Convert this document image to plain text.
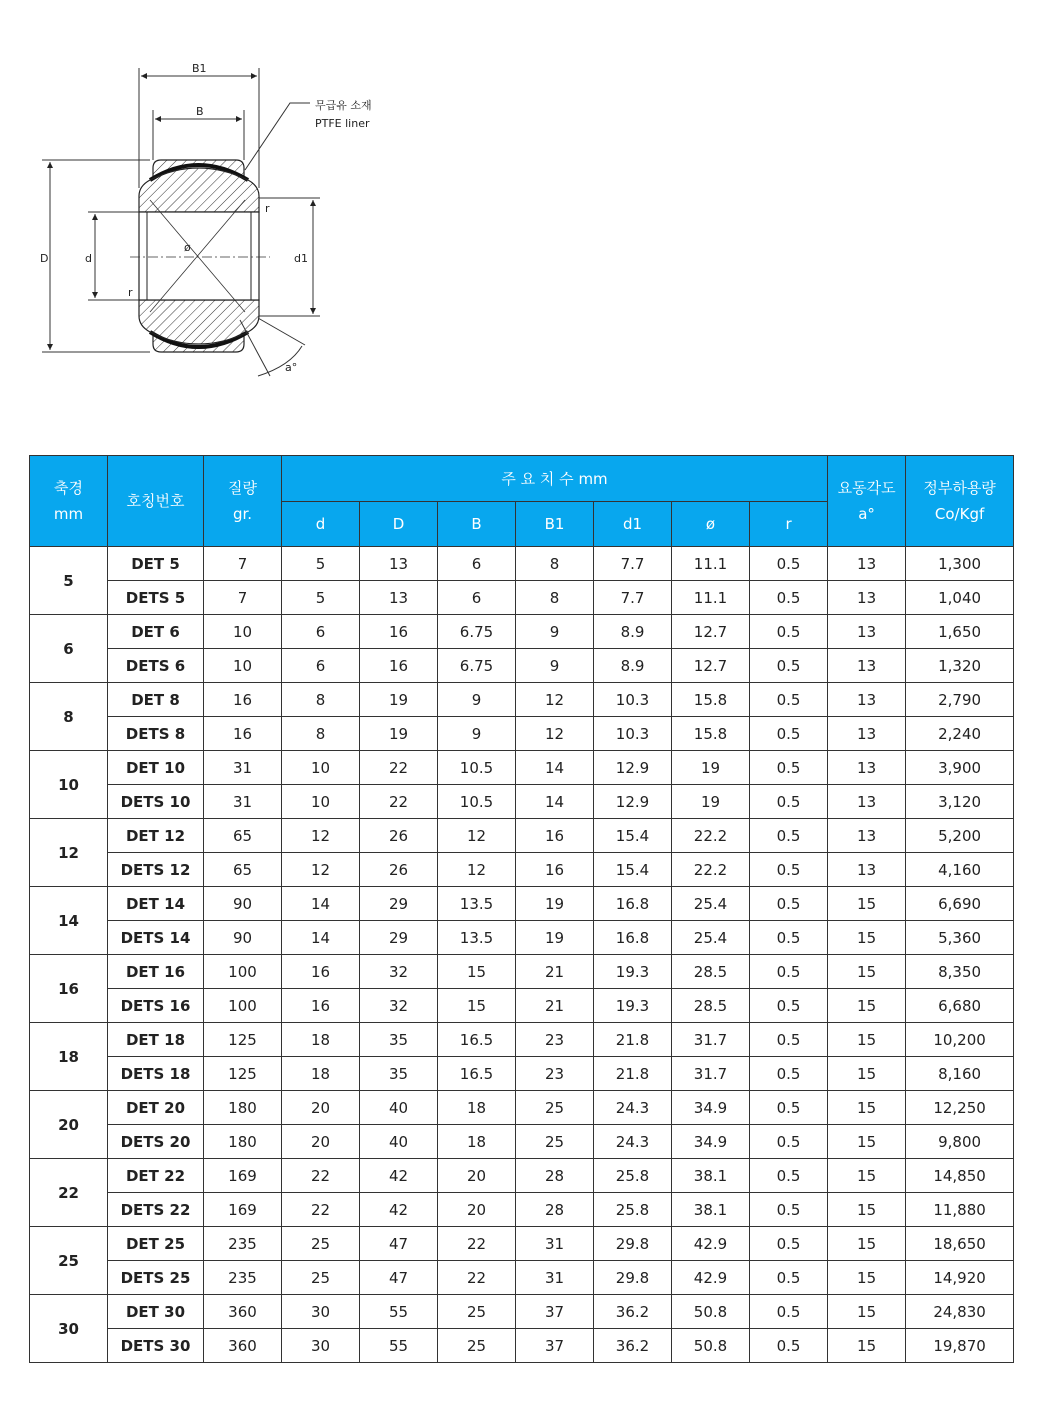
B1
B	무급유 소재
PTFE liner
ø
D	d	d1
r
r
a°
축경
mm	호칭번호	질량
gr.	주 요 치 수 mm							요동각도
a°	정부하용량
Co/Kgf

			d	D	B	B1	d1	ø	r		
5	DET 5	7	5	13	6	8	7.7	11.1	0.5	13	1,300
	DETS 5	7	5	13	6	8	7.7	11.1	0.5	13	1,040
6	DET 6	10	6	16	6.75	9	8.9	12.7	0.5	13	1,650
	DETS 6	10	6	16	6.75	9	8.9	12.7	0.5	13	1,320
8	DET 8	16	8	19	9	12	10.3	15.8	0.5	13	2,790
	DETS 8	16	8	19	9	12	10.3	15.8	0.5	13	2,240
10	DET 10	31	10	22	10.5	14	12.9	19	0.5	13	3,900
	DETS 10	31	10	22	10.5	14	12.9	19	0.5	13	3,120
12	DET 12	65	12	26	12	16	15.4	22.2	0.5	13	5,200
	DETS 12	65	12	26	12	16	15.4	22.2	0.5	13	4,160
14	DET 14	90	14	29	13.5	19	16.8	25.4	0.5	15	6,690
	DETS 14	90	14	29	13.5	19	16.8	25.4	0.5	15	5,360
16	DET 16	100	16	32	15	21	19.3	28.5	0.5	15	8,350
	DETS 16	100	16	32	15	21	19.3	28.5	0.5	15	6,680
18	DET 18	125	18	35	16.5	23	21.8	31.7	0.5	15	10,200
	DETS 18	125	18	35	16.5	23	21.8	31.7	0.5	15	8,160
20	DET 20	180	20	40	18	25	24.3	34.9	0.5	15	12,250
	DETS 20	180	20	40	18	25	24.3	34.9	0.5	15	9,800
22	DET 22	169	22	42	20	28	25.8	38.1	0.5	15	14,850
	DETS 22	169	22	42	20	28	25.8	38.1	0.5	15	11,880
25	DET 25	235	25	47	22	31	29.8	42.9	0.5	15	18,650
	DETS 25	235	25	47	22	31	29.8	42.9	0.5	15	14,920
30	DET 30	360	30	55	25	37	36.2	50.8	0.5	15	24,830
	DETS 30	360	30	55	25	37	36.2	50.8	0.5	15	19,870
